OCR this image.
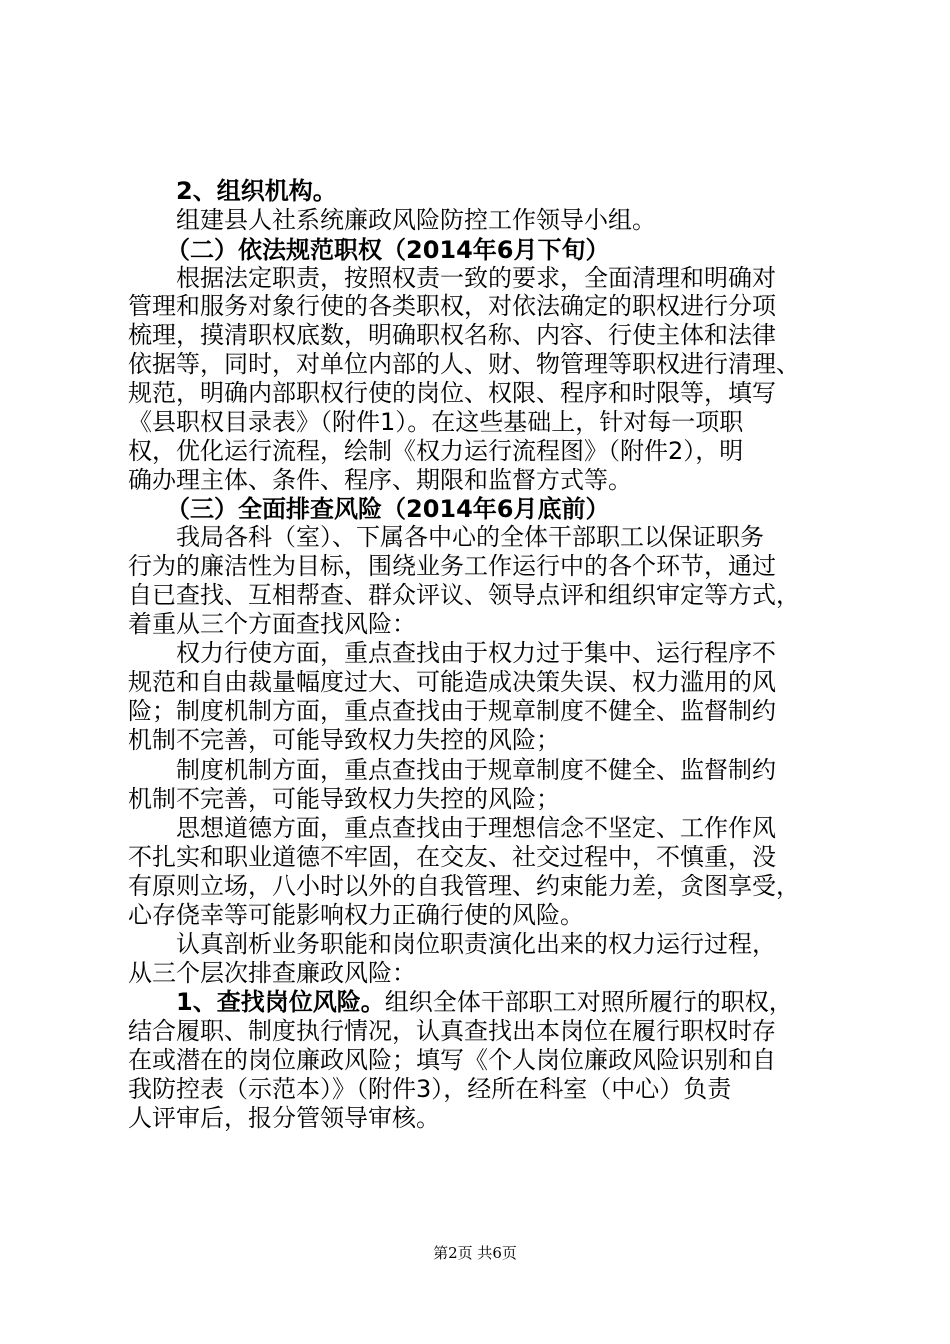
2、组织机构。
组建县人社系统廉政风险防控工作领导小组。
（二）依法规范职权（2014年6月下旬）
根据法定职责，按照权责一致的要求，全面清理和明确对
管理和服务对象行使的各类职权，对依法确定的职权进行分项
梳理，摸清职权底数，明确职权名称、内容、行使主体和法律
依据等，同时，对单位内部的人、财、物管理等职权进行清理、
规范，明确内部职权行使的岗位、权限、程序和时限等，填写
《县职权目录表》（附件1）。在这些基础上，针对每一项职
权，优化运行流程，绘制《权力运行流程图》（附件2），明
确办理主体、条件、程序、期限和监督方式等。
（三）全面排查风险（2014年6月底前）
我局各科（室）、下属各中心的全体干部职工以保证职务
行为的廉洁性为目标，围绕业务工作运行中的各个环节，通过
自已查找、互相帮查、群众评议、领导点评和组织审定等方式，
着重从三个方面查找风险：
权力行使方面，重点查找由于权力过于集中、运行程序不
规范和自由裁量幅度过大、可能造成决策失误、权力滥用的风
险；制度机制方面，重点查找由于规章制度不健全、监督制约
机制不完善，可能导致权力失控的风险；
制度机制方面，重点查找由于规章制度不健全、监督制约
机制不完善，可能导致权力失控的风险；
思想道德方面，重点查找由于理想信念不坚定、工作作风
不扎实和职业道德不牢固，在交友、社交过程中，不慎重，没
有原则立场，八小时以外的自我管理、约束能力差，贪图享受，
心存侥幸等可能影响权力正确行使的风险。
认真剖析业务职能和岗位职责演化出来的权力运行过程，
从三个层次排查廉政风险：
1、查找岗位风险。组织全体干部职工对照所履行的职权，
结合履职、制度执行情况，认真查找出本岗位在履行职权时存
在或潜在的岗位廉政风险；填写《个人岗位廉政风险识别和自
我防控表（示范本）》（附件3），经所在科室（中心）负责
人评审后，报分管领导审核。
第2页 共6页
